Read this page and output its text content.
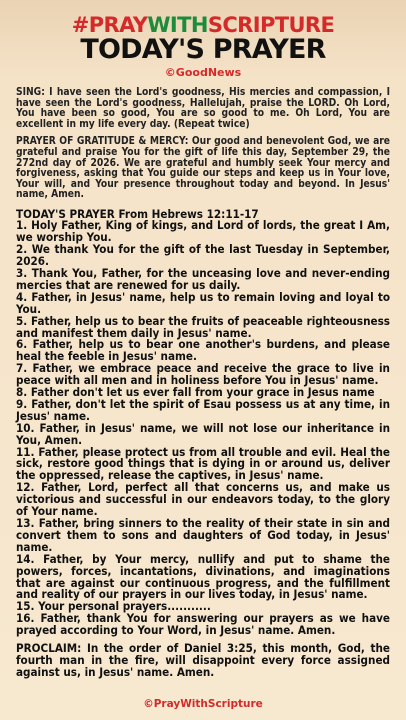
#PRAYWITHSCRIPTURE
TODAY'S PRAYER
©GoodNews

SING: I have seen the Lord's goodness, His mercies and compassion, I have seen the Lord's goodness, Hallelujah, praise the LORD. Oh Lord, You have been so good, You are so good to me. Oh Lord, You are excellent in my life every day. (Repeat twice)

PRAYER OF GRATITUDE & MERCY: Our good and benevolent God, we are grateful and praise You for the gift of life this day, September 29, the 272nd day of 2026. We are grateful and humbly seek Your mercy and forgiveness, asking that You guide our steps and keep us in Your love, Your will, and Your presence throughout today and beyond. In Jesus' name, Amen.

TODAY'S PRAYER From Hebrews 12:11-17

1. Holy Father, King of kings, and Lord of lords, the great I Am, we worship You.
2. We thank You for the gift of the last Tuesday in September, 2026.
3. Thank You, Father, for the unceasing love and never-ending mercies that are renewed for us daily.
4. Father, in Jesus' name, help us to remain loving and loyal to You.
5. Father, help us to bear the fruits of peaceable righteousness and manifest them daily in Jesus' name.
6. Father, help us to bear one another's burdens, and please heal the feeble in Jesus' name.
7. Father, we embrace peace and receive the grace to live in peace with all men and in holiness before You in Jesus' name.
8. Father don't let us ever fall from your grace in Jesus name
9. Father, don't let the spirit of Esau possess us at any time, in Jesus' name.
10. Father, in Jesus' name, we will not lose our inheritance in You, Amen.
11. Father, please protect us from all trouble and evil. Heal the sick, restore good things that is dying in or around us, deliver the oppressed, release the captives, in Jesus' name.
12. Father, Lord, perfect all that concerns us, and make us victorious and successful in our endeavors today, to the glory of Your name.
13. Father, bring sinners to the reality of their state in sin and convert them to sons and daughters of God today, in Jesus' name.
14. Father, by Your mercy, nullify and put to shame the powers, forces, incantations, divinations, and imaginations that are against our continuous progress, and the fulfillment and reality of our prayers in our lives today, in Jesus' name.
15. Your personal prayers...........
16. Father, thank You for answering our prayers as we have prayed according to Your Word, in Jesus' name. Amen.

PROCLAIM: In the order of Daniel 3:25, this month, God, the fourth man in the fire, will disappoint every force assigned against us, in Jesus' name. Amen.

©PrayWithScripture
